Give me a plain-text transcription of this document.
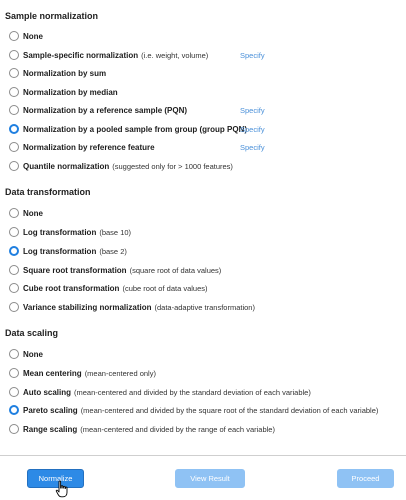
Sample normalization
None
Sample-specific normalization (i.e. weight, volume)	Specify
Normalization by sum
Normalization by median
Normalization by a reference sample (PQN)	Specify
Normalization by a pooled sample from group (group PQN)
Specify
Normalization by reference feature	Specify
Quantile normalization (suggested only for > 1000 features)
Data transformation
None
Log transformation (base 10)
Log transformation (base 2)
Square root transformation (square root of data values)
Cube root transformation (cube root of data values)
Variance stabilizing normalization (data-adaptive transformation)
Data scaling
None
Mean centering (mean-centered only)
Auto scaling (mean-centered and divided by the standard deviation of each variable)
Pareto scaling (mean-centered and divided by the square root of the standard deviation of each variable)
Range scaling (mean-centered and divided by the range of each variable)
Normalize	View Result	Proceed
